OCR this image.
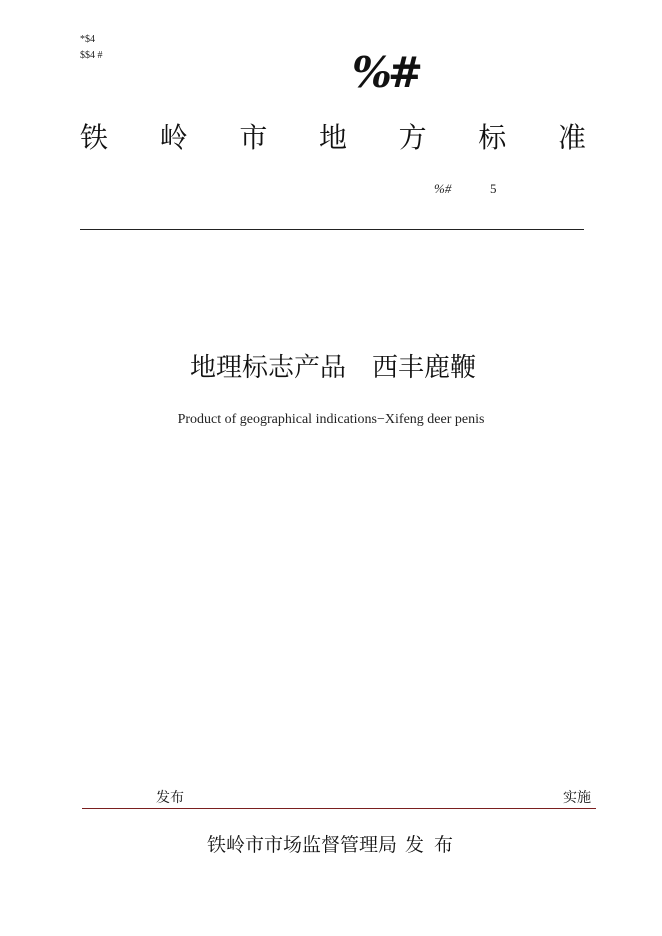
*$4
$$4 #	%#
铁 岭 市 地 方 标 准
%#	5
地理标志产品 西丰鹿鞭
Product of geographical indications−Xifeng deer penis
发布	实施
铁岭市市场监督管理局 发 布
